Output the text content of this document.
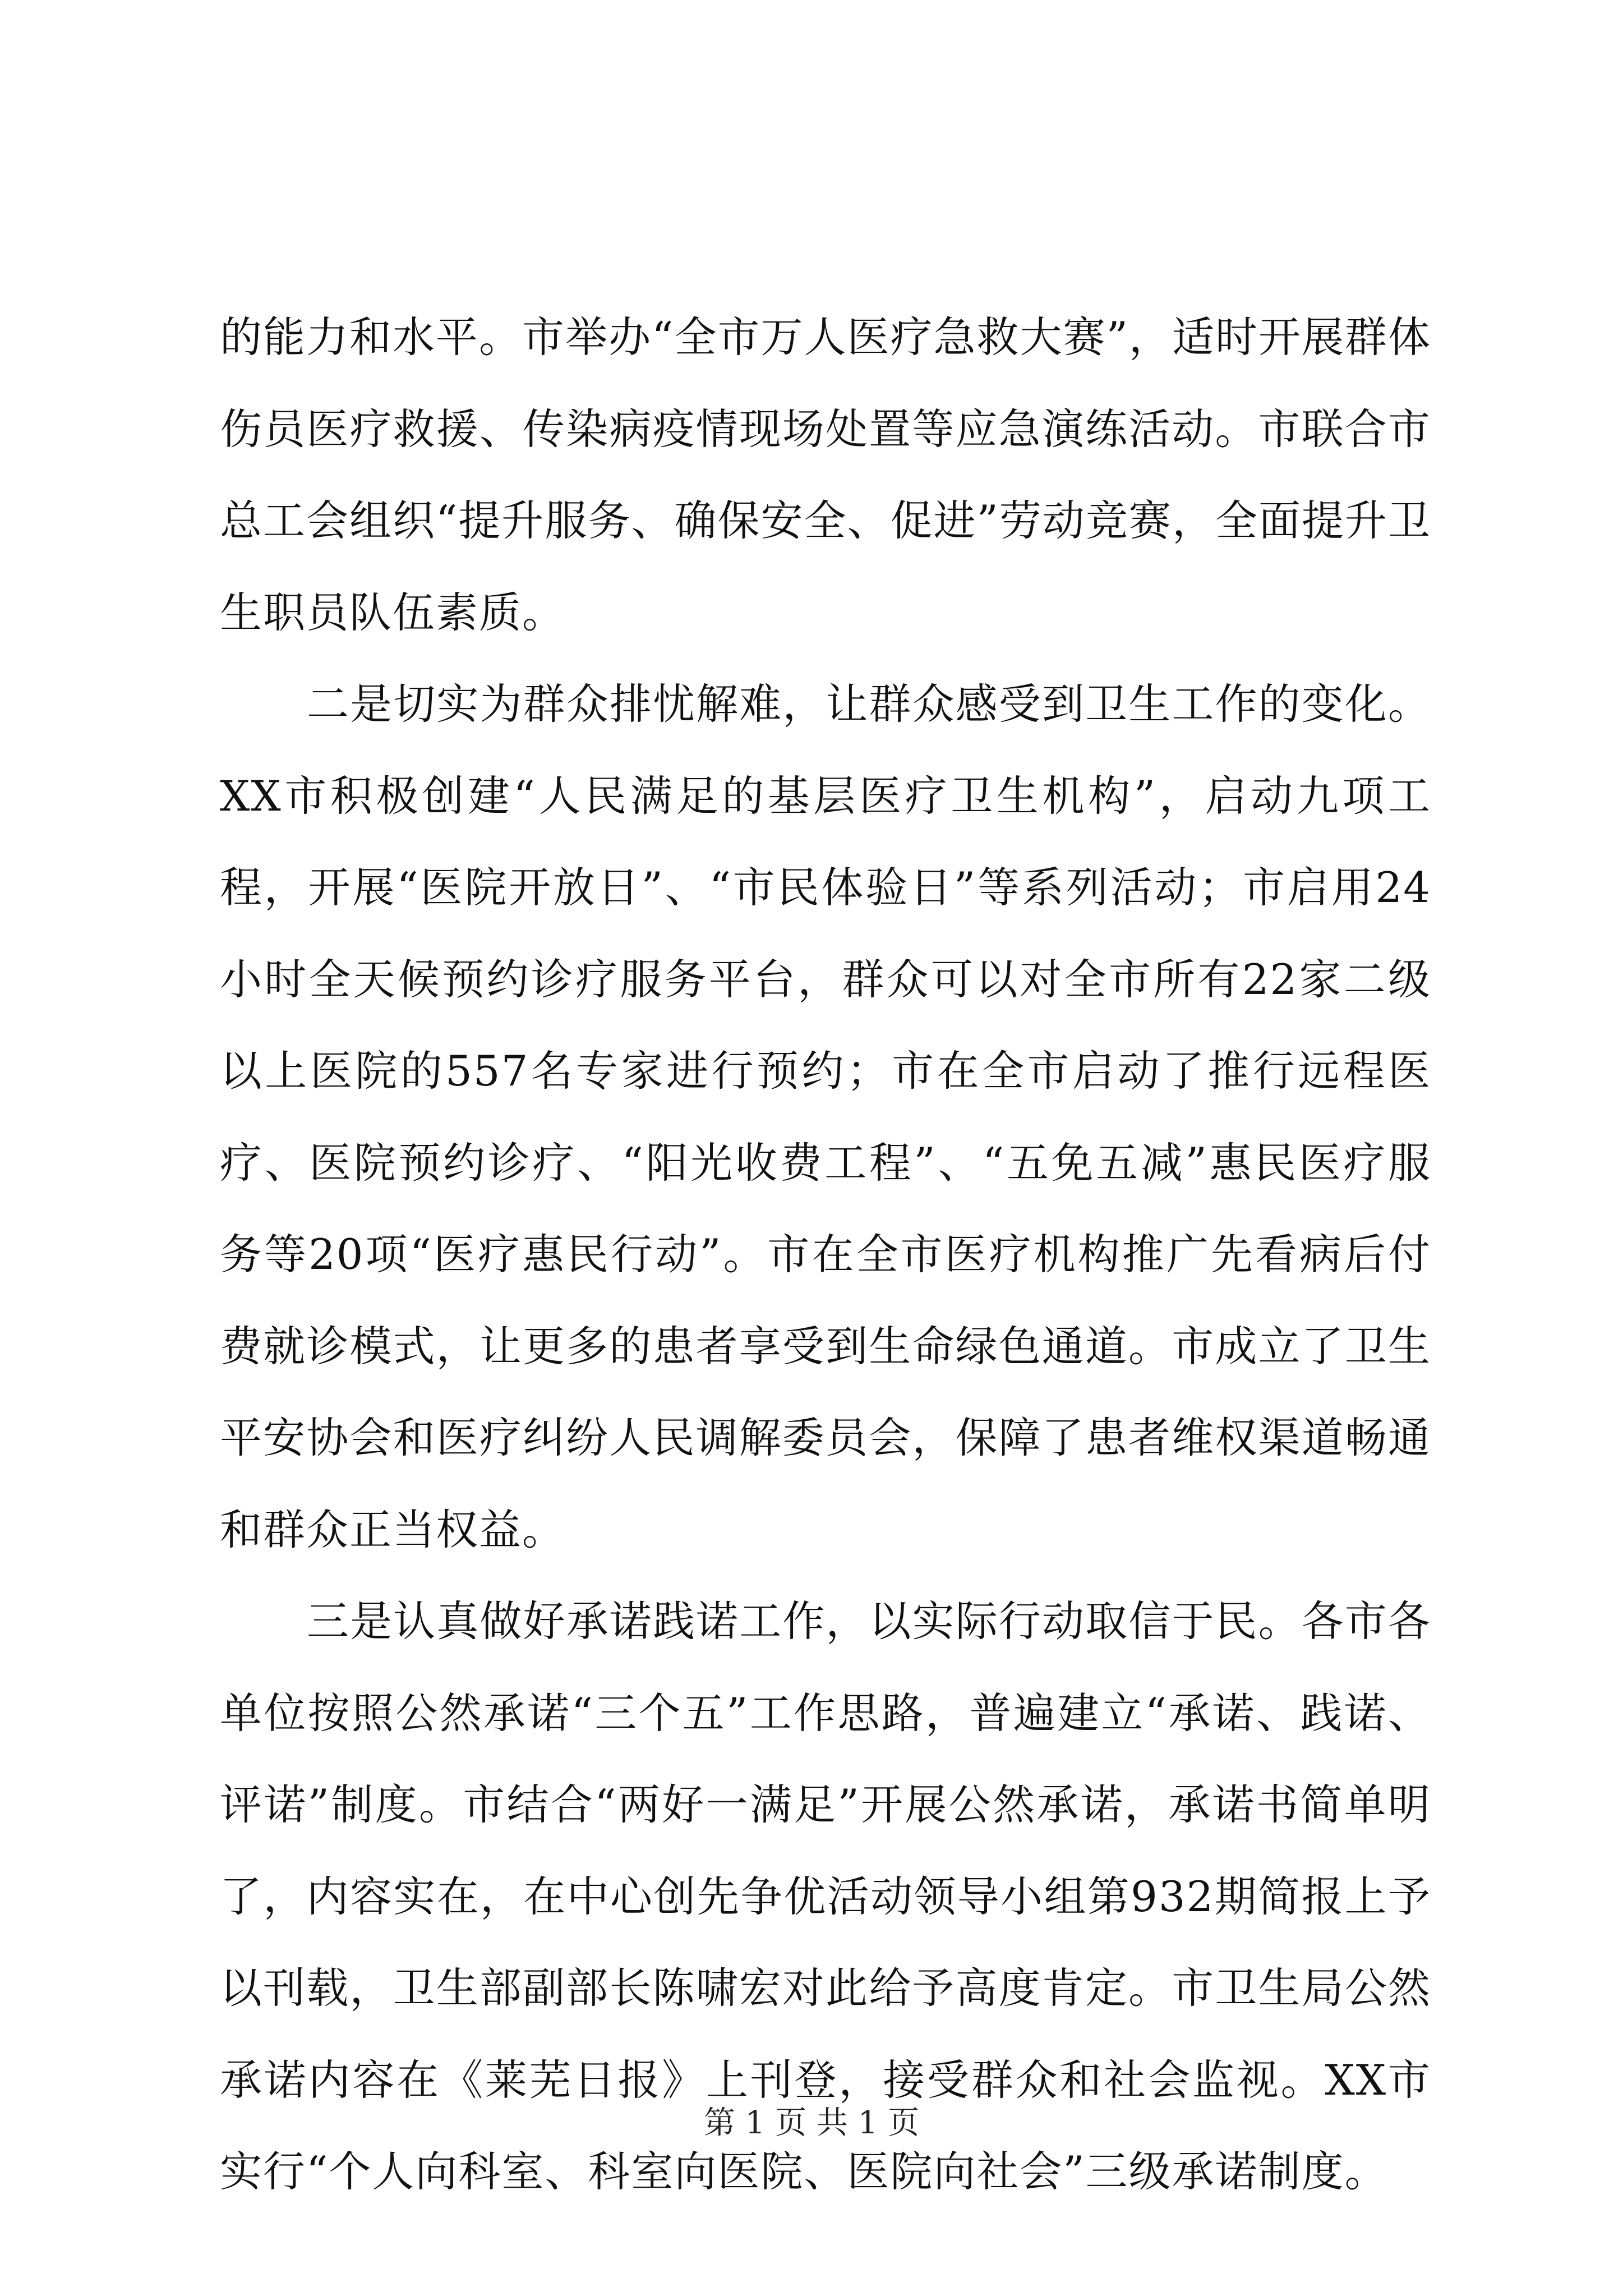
的能力和水平。市举办“全市万人医疗急救大赛”，适时开展群体伤员医疗救援、传染病疫情现场处置等应急演练活动。市联合市总工会组织“提升服务、确保安全、促进”劳动竞赛，全面提升卫生职员队伍素质。

二是切实为群众排忧解难，让群众感受到卫生工作的变化。XX市积极创建“人民满足的基层医疗卫生机构”，启动九项工程，开展“医院开放日”、“市民体验日”等系列活动；市启用24小时全天候预约诊疗服务平台，群众可以对全市所有22家二级以上医院的557名专家进行预约；市在全市启动了推行远程医疗、医院预约诊疗、“阳光收费工程”、“五免五减”惠民医疗服务等20项“医疗惠民行动”。市在全市医疗机构推广先看病后付费就诊模式，让更多的患者享受到生命绿色通道。市成立了卫生平安协会和医疗纠纷人民调解委员会，保障了患者维权渠道畅通和群众正当权益。

三是认真做好承诺践诺工作，以实际行动取信于民。各市各单位按照公然承诺“三个五”工作思路，普遍建立“承诺、践诺、评诺”制度。市结合“两好一满足”开展公然承诺，承诺书简单明了，内容实在，在中心创先争优活动领导小组第932期简报上予以刊载，卫生部副部长陈啸宏对此给予高度肯定。市卫生局公然承诺内容在《莱芜日报》上刊登，接受群众和社会监视。XX市实行“个人向科室、科室向医院、医院向社会”三级承诺制度。

第 1 页 共 1 页
